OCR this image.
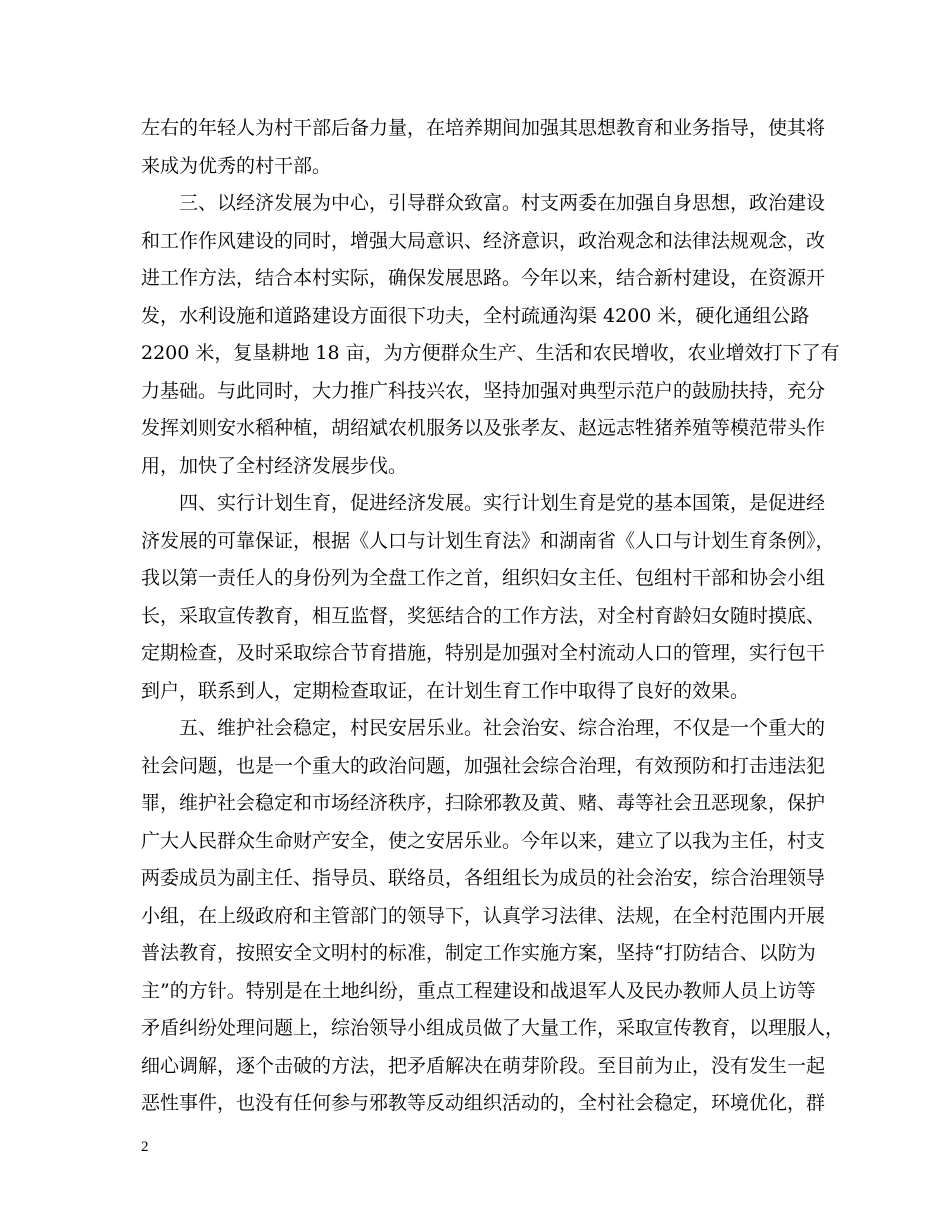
左右的年轻人为村干部后备力量，在培养期间加强其思想教育和业务指导，使其将
来成为优秀的村干部。
三、以经济发展为中心，引导群众致富。村支两委在加强自身思想，政治建设
和工作作风建设的同时，增强大局意识、经济意识，政治观念和法律法规观念，改
进工作方法，结合本村实际，确保发展思路。今年以来，结合新村建设，在资源开
发，水利设施和道路建设方面很下功夫，全村疏通沟渠 4200 米，硬化通组公路
2200 米，复垦耕地 18 亩，为方便群众生产、生活和农民增收，农业增效打下了有
力基础。与此同时，大力推广科技兴农，坚持加强对典型示范户的鼓励扶持，充分
发挥刘则安水稻种植，胡绍斌农机服务以及张孝友、赵远志牲猪养殖等模范带头作
用，加快了全村经济发展步伐。
四、实行计划生育，促进经济发展。实行计划生育是党的基本国策，是促进经
济发展的可靠保证，根据《人口与计划生育法》和湖南省《人口与计划生育条例》，
我以第一责任人的身份列为全盘工作之首，组织妇女主任、包组村干部和协会小组
长，采取宣传教育，相互监督，奖惩结合的工作方法，对全村育龄妇女随时摸底、
定期检查，及时采取综合节育措施，特别是加强对全村流动人口的管理，实行包干
到户，联系到人，定期检查取证，在计划生育工作中取得了良好的效果。
五、维护社会稳定，村民安居乐业。社会治安、综合治理，不仅是一个重大的
社会问题，也是一个重大的政治问题，加强社会综合治理，有效预防和打击违法犯
罪，维护社会稳定和市场经济秩序，扫除邪教及黄、赌、毒等社会丑恶现象，保护
广大人民群众生命财产安全，使之安居乐业。今年以来，建立了以我为主任，村支
两委成员为副主任、指导员、联络员，各组组长为成员的社会治安，综合治理领导
小组，在上级政府和主管部门的领导下，认真学习法律、法规，在全村范围内开展
普法教育，按照安全文明村的标准，制定工作实施方案，坚持“打防结合、以防为
主”的方针。特别是在土地纠纷，重点工程建设和战退军人及民办教师人员上访等
矛盾纠纷处理问题上，综治领导小组成员做了大量工作，采取宣传教育，以理服人，
细心调解，逐个击破的方法，把矛盾解决在萌芽阶段。至目前为止，没有发生一起
恶性事件，也没有任何参与邪教等反动组织活动的，全村社会稳定，环境优化，群
2
